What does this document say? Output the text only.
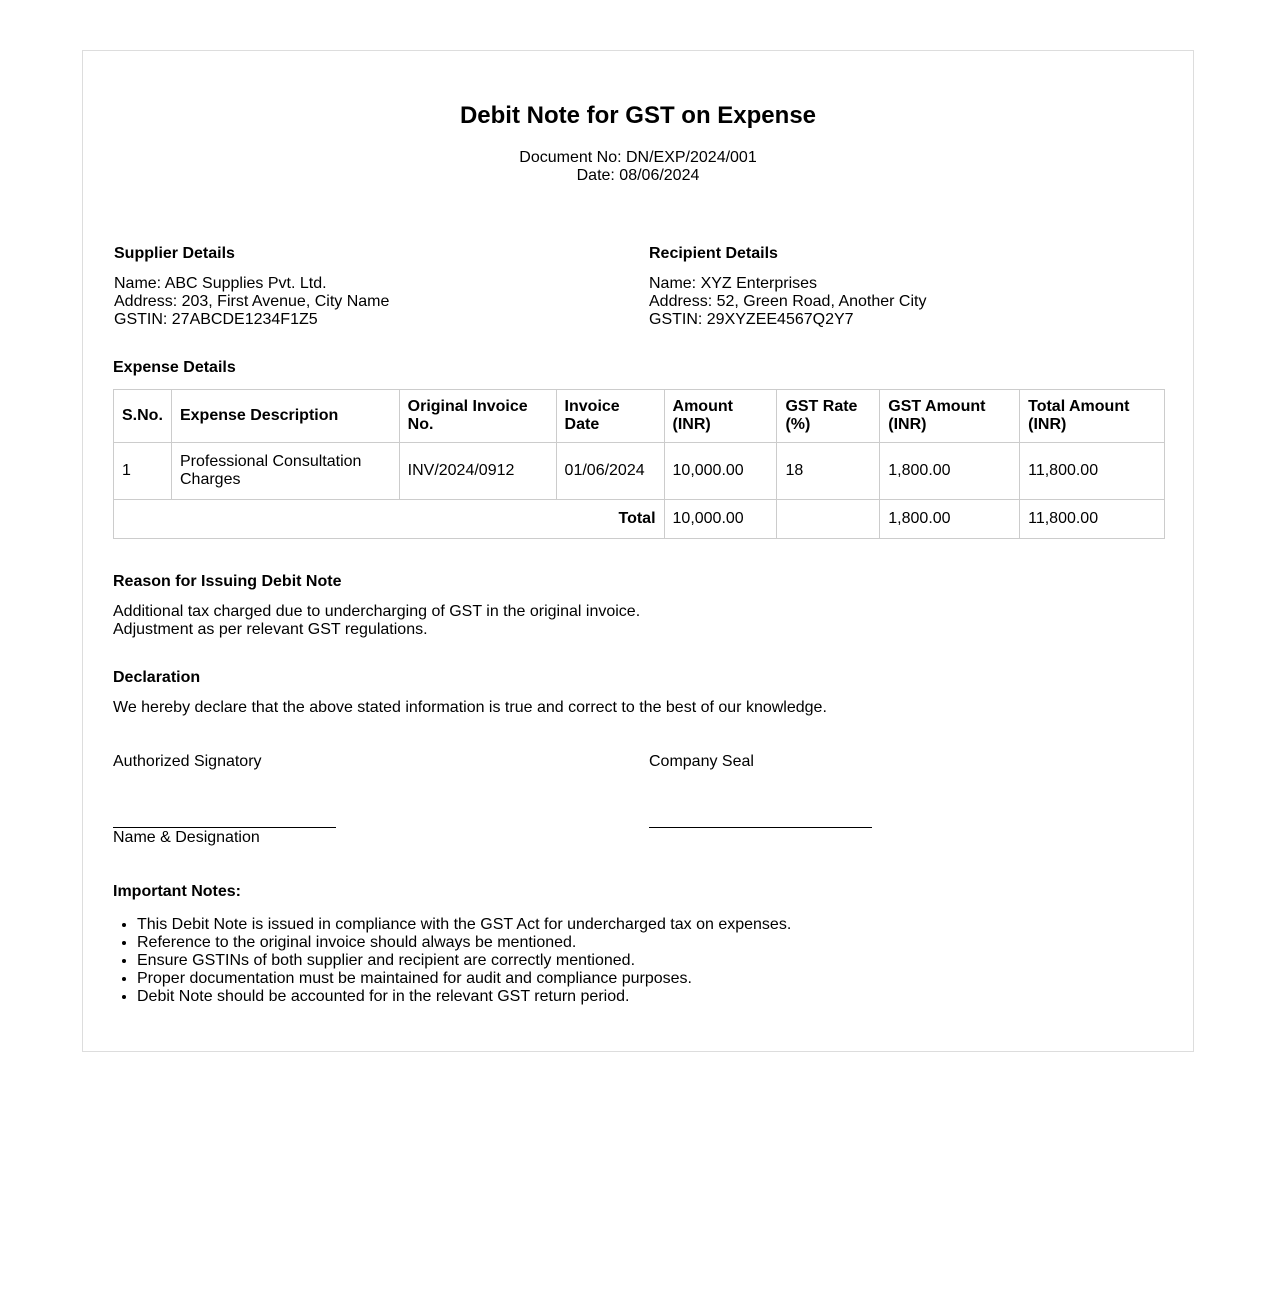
Debit Note for GST on Expense
Document No: DN/EXP/2024/001
Date: 08/06/2024
Supplier Details
Name: ABC Supplies Pvt. Ltd.
Address: 203, First Avenue, City Name
GSTIN: 27ABCDE1234F1Z5
Recipient Details
Name: XYZ Enterprises
Address: 52, Green Road, Another City
GSTIN: 29XYZEE4567Q2Y7
Expense Details
S.No.	Expense Description	Original Invoice No.	Invoice Date	Amount (INR)	GST Rate (%)	GST Amount (INR)	Total Amount (INR)
1	Professional Consultation Charges	INV/2024/0912	01/06/2024	10,000.00	18	1,800.00	11,800.00
Total				10,000.00		1,800.00	11,800.00
Reason for Issuing Debit Note
Additional tax charged due to undercharging of GST in the original invoice.
Adjustment as per relevant GST regulations.
Declaration
We hereby declare that the above stated information is true and correct to the best of our knowledge.
Authorized Signatory	Company Seal
Name & Designation
Important Notes:
• This Debit Note is issued in compliance with the GST Act for undercharged tax on expenses.
• Reference to the original invoice should always be mentioned.
• Ensure GSTINs of both supplier and recipient are correctly mentioned.
• Proper documentation must be maintained for audit and compliance purposes.
• Debit Note should be accounted for in the relevant GST return period.
